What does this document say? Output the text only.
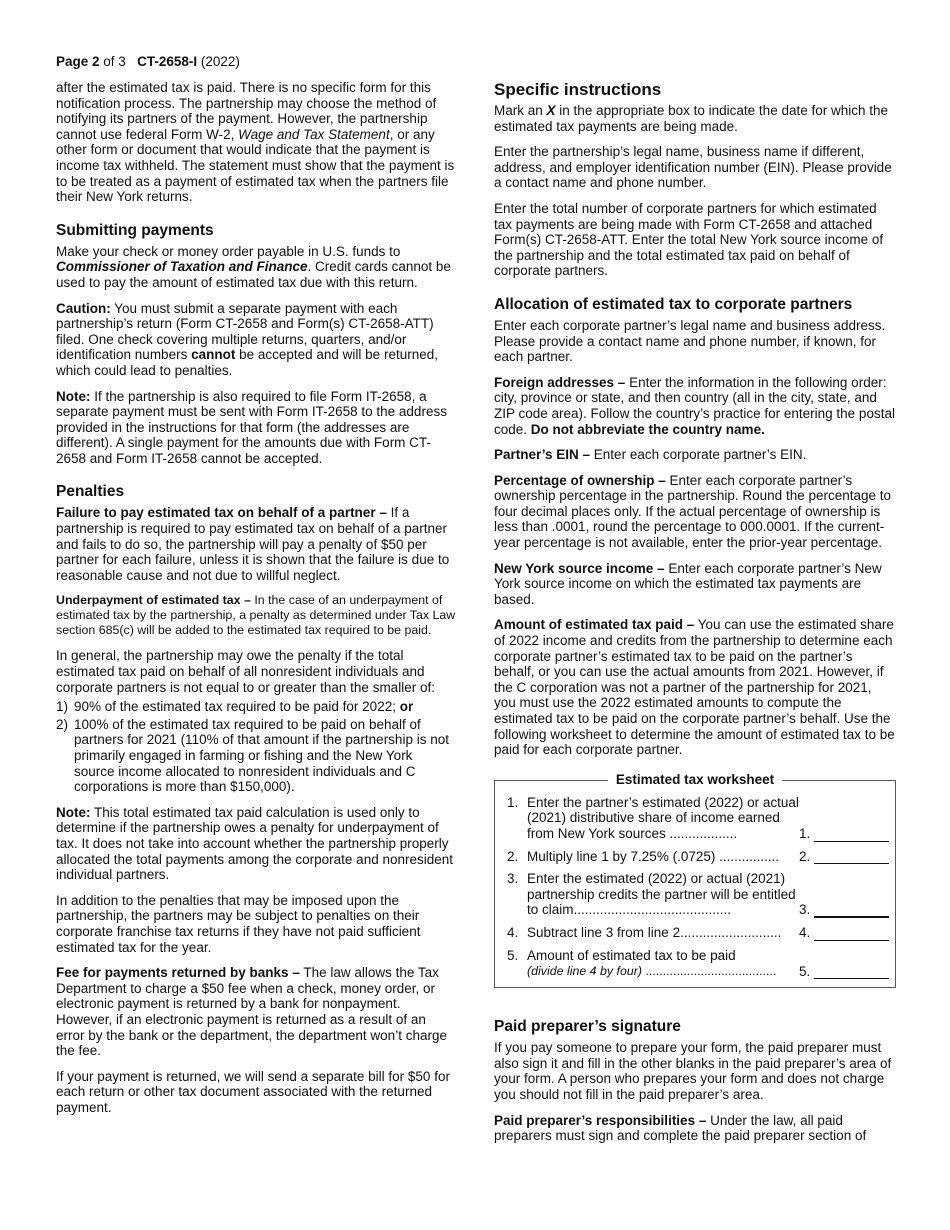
Page 2 of 3 CT-2658-I (2022)

after the estimated tax is paid. There is no specific form for this notification process. The partnership may choose the method of notifying its partners of the payment. However, the partnership cannot use federal Form W-2, Wage and Tax Statement, or any other form or document that would indicate that the payment is income tax withheld. The statement must show that the payment is to be treated as a payment of estimated tax when the partners file their New York returns.

Submitting payments

Make your check or money order payable in U.S. funds to Commissioner of Taxation and Finance. Credit cards cannot be used to pay the amount of estimated tax due with this return.

Caution: You must submit a separate payment with each partnership’s return (Form CT-2658 and Form(s) CT-2658-ATT) filed. One check covering multiple returns, quarters, and/or identification numbers cannot be accepted and will be returned, which could lead to penalties.

Note: If the partnership is also required to file Form IT-2658, a separate payment must be sent with Form IT-2658 to the address provided in the instructions for that form (the addresses are different). A single payment for the amounts due with Form CT-2658 and Form IT-2658 cannot be accepted.

Penalties

Failure to pay estimated tax on behalf of a partner – If a partnership is required to pay estimated tax on behalf of a partner and fails to do so, the partnership will pay a penalty of $50 per partner for each failure, unless it is shown that the failure is due to reasonable cause and not due to willful neglect.

Underpayment of estimated tax – In the case of an underpayment of estimated tax by the partnership, a penalty as determined under Tax Law section 685(c) will be added to the estimated tax required to be paid.

In general, the partnership may owe the penalty if the total estimated tax paid on behalf of all nonresident individuals and corporate partners is not equal to or greater than the smaller of:

1) 90% of the estimated tax required to be paid for 2022; or
2) 100% of the estimated tax required to be paid on behalf of partners for 2021 (110% of that amount if the partnership is not primarily engaged in farming or fishing and the New York source income allocated to nonresident individuals and C corporations is more than $150,000).

Note: This total estimated tax paid calculation is used only to determine if the partnership owes a penalty for underpayment of tax. It does not take into account whether the partnership properly allocated the total payments among the corporate and nonresident individual partners.

In addition to the penalties that may be imposed upon the partnership, the partners may be subject to penalties on their corporate franchise tax returns if they have not paid sufficient estimated tax for the year.

Fee for payments returned by banks – The law allows the Tax Department to charge a $50 fee when a check, money order, or electronic payment is returned by a bank for nonpayment. However, if an electronic payment is returned as a result of an error by the bank or the department, the department won’t charge the fee.

If your payment is returned, we will send a separate bill for $50 for each return or other tax document associated with the returned payment.

Specific instructions

Mark an X in the appropriate box to indicate the date for which the estimated tax payments are being made.

Enter the partnership’s legal name, business name if different, address, and employer identification number (EIN). Please provide a contact name and phone number.

Enter the total number of corporate partners for which estimated tax payments are being made with Form CT-2658 and attached Form(s) CT-2658-ATT. Enter the total New York source income of the partnership and the total estimated tax paid on behalf of corporate partners.

Allocation of estimated tax to corporate partners

Enter each corporate partner’s legal name and business address. Please provide a contact name and phone number, if known, for each partner.

Foreign addresses – Enter the information in the following order: city, province or state, and then country (all in the city, state, and ZIP code area). Follow the country’s practice for entering the postal code. Do not abbreviate the country name.

Partner’s EIN – Enter each corporate partner’s EIN.

Percentage of ownership – Enter each corporate partner’s ownership percentage in the partnership. Round the percentage to four decimal places only. If the actual percentage of ownership is less than .0001, round the percentage to 000.0001. If the current-year percentage is not available, enter the prior-year percentage.

New York source income – Enter each corporate partner’s New York source income on which the estimated tax payments are based.

Amount of estimated tax paid – You can use the estimated share of 2022 income and credits from the partnership to determine each corporate partner’s estimated tax to be paid on the partner’s behalf, or you can use the actual amounts from 2021. However, if the C corporation was not a partner of the partnership for 2021, you must use the 2022 estimated amounts to compute the estimated tax to be paid on the corporate partner’s behalf. Use the following worksheet to determine the amount of estimated tax to be paid for each corporate partner.

Estimated tax worksheet
1. Enter the partner’s estimated (2022) or actual (2021) distributive share of income earned from New York sources ..................	1.
2. Multiply line 1 by 7.25% (.0725) ................	2.
3. Enter the estimated (2022) or actual (2021) partnership credits the partner will be entitled to claim..........................................	3.
4. Subtract line 3 from line 2...........................	4.
5. Amount of estimated tax to be paid
(divide line 4 by four) ......................................	5.
Paid preparer’s signature

If you pay someone to prepare your form, the paid preparer must also sign it and fill in the other blanks in the paid preparer’s area of your form. A person who prepares your form and does not charge you should not fill in the paid preparer’s area.

Paid preparer’s responsibilities – Under the law, all paid preparers must sign and complete the paid preparer section of
